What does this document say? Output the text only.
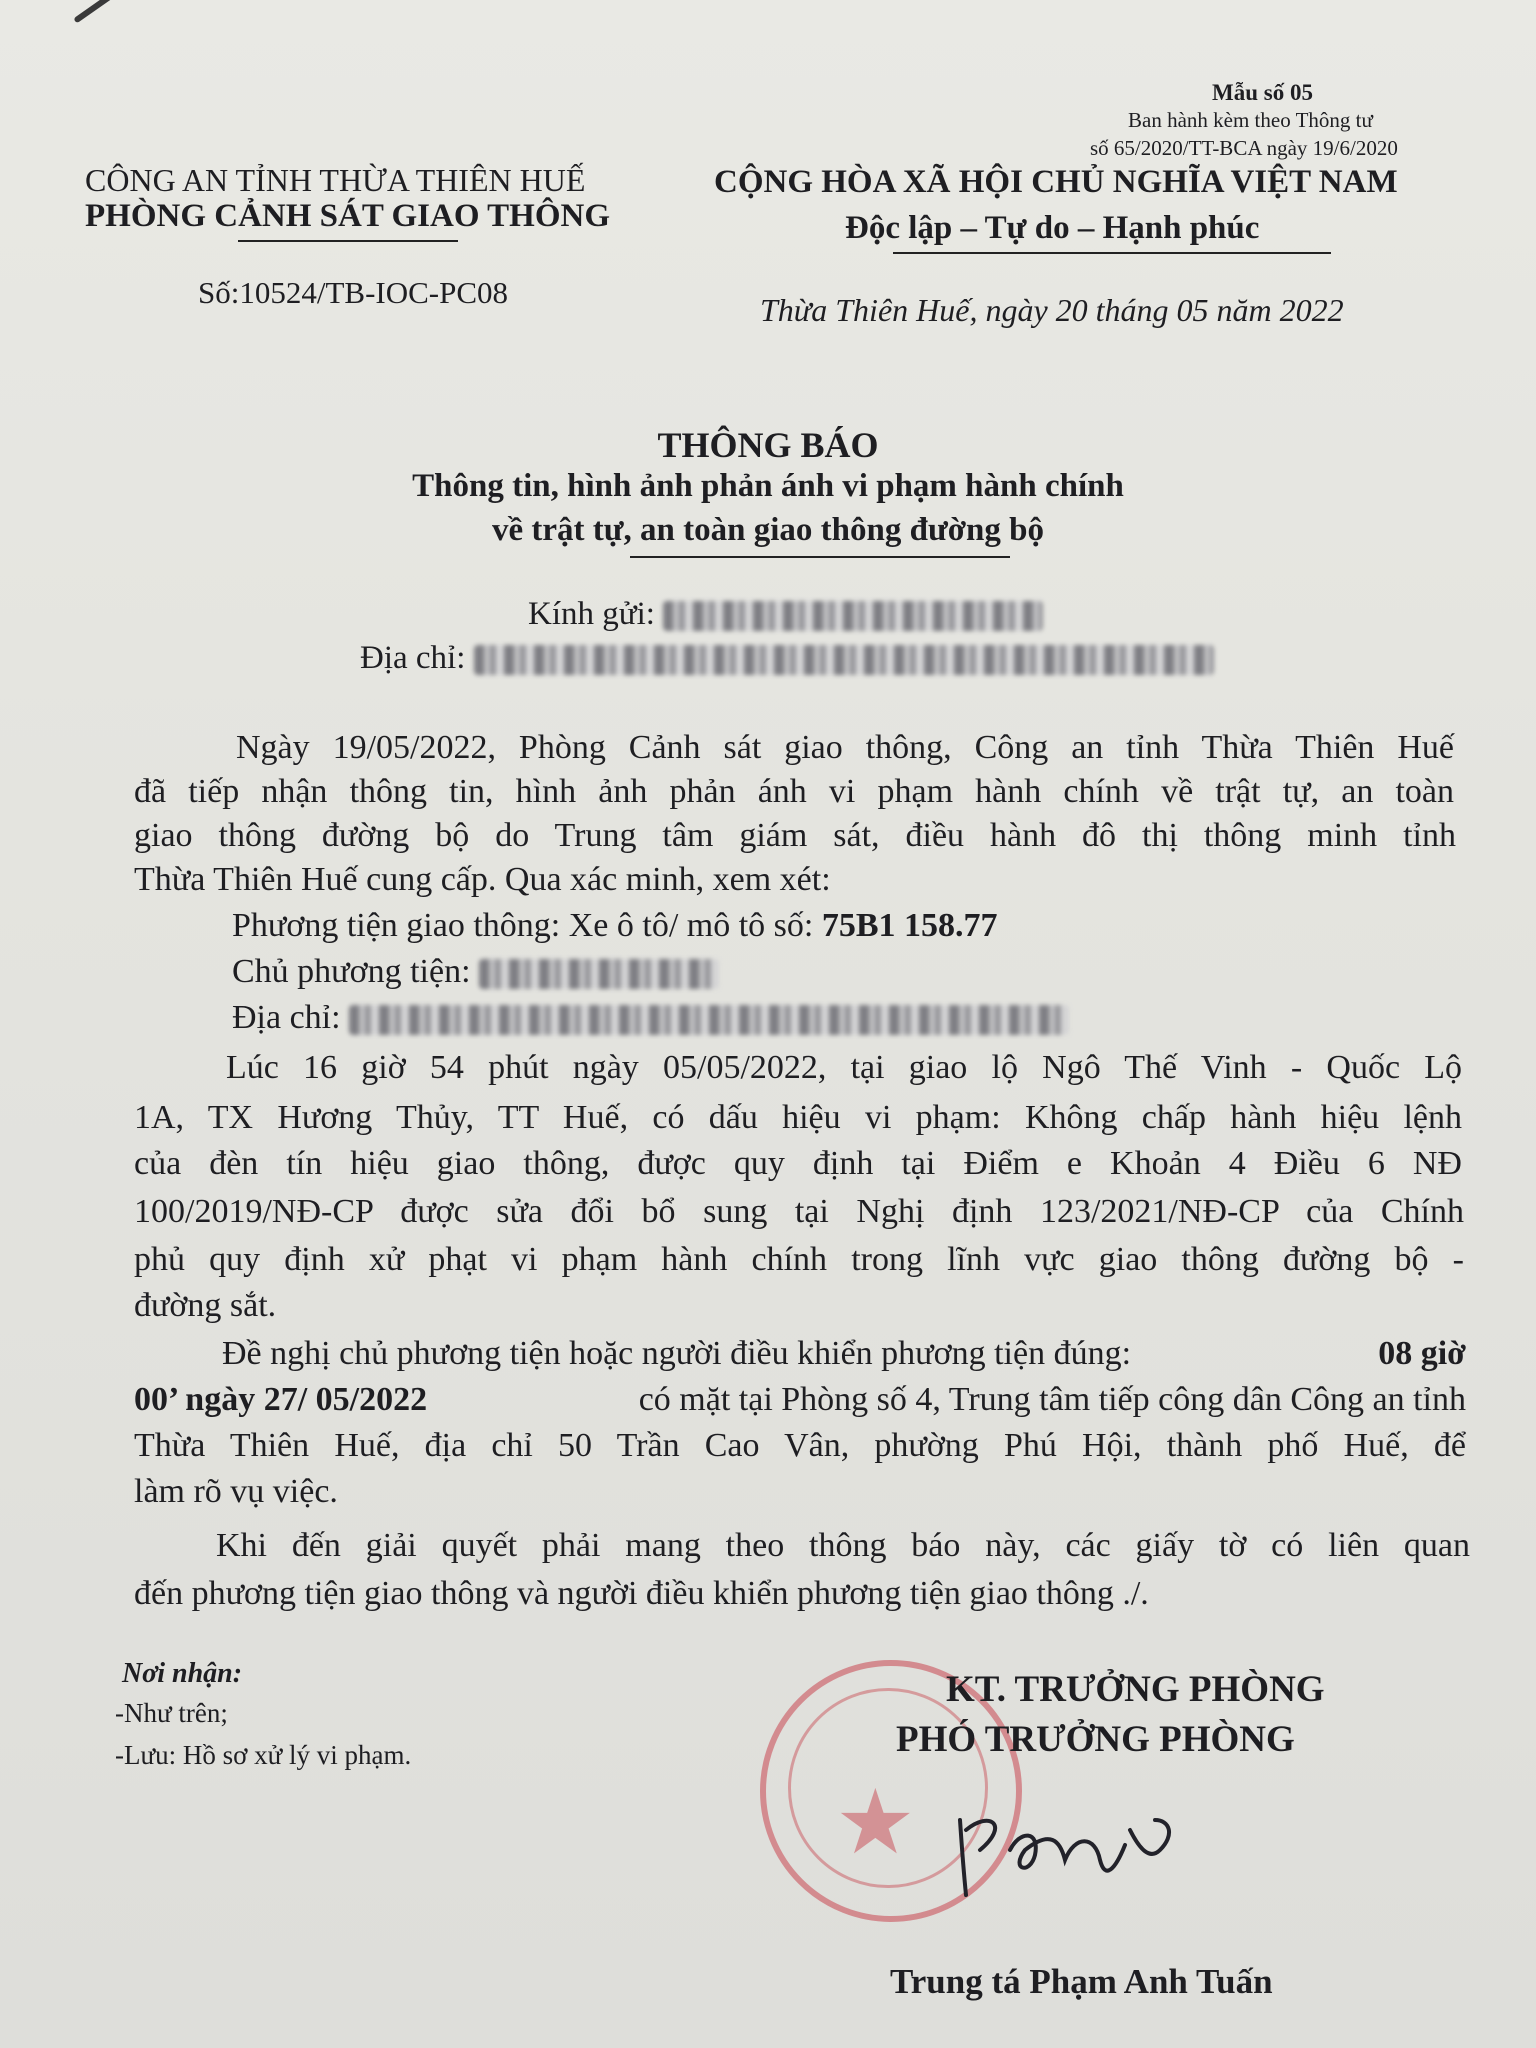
Mẫu số 05
Ban hành kèm theo Thông tư
số 65/2020/TT-BCA ngày 19/6/2020
CÔNG AN TỈNH THỪA THIÊN HUẾ
PHÒNG CẢNH SÁT GIAO THÔNG
Số:10524/TB-IOC-PC08
CỘNG HÒA XÃ HỘI CHỦ NGHĨA VIỆT NAM
Độc lập – Tự do – Hạnh phúc
Thừa Thiên Huế, ngày 20 tháng 05 năm 2022
THÔNG BÁO
Thông tin, hình ảnh phản ánh vi phạm hành chính
về trật tự, an toàn giao thông đường bộ
Kính gửi:
Địa chỉ:
Ngày 19/05/2022, Phòng Cảnh sát giao thông, Công an tỉnh Thừa Thiên Huế
đã tiếp nhận thông tin, hình ảnh phản ánh vi phạm hành chính về trật tự, an toàn
giao thông đường bộ do Trung tâm giám sát, điều hành đô thị thông minh tỉnh
Thừa Thiên Huế cung cấp. Qua xác minh, xem xét:
Phương tiện giao thông: Xe ô tô/ mô tô số: 75B1 158.77
Chủ phương tiện:
Địa chỉ:
Lúc 16 giờ 54 phút ngày 05/05/2022, tại giao lộ Ngô Thế Vinh - Quốc Lộ
1A, TX Hương Thủy, TT Huế, có dấu hiệu vi phạm: Không chấp hành hiệu lệnh
của đèn tín hiệu giao thông, được quy định tại Điểm e Khoản 4 Điều 6 NĐ
100/2019/NĐ-CP được sửa đổi bổ sung tại Nghị định 123/2021/NĐ-CP của Chính
phủ quy định xử phạt vi phạm hành chính trong lĩnh vực giao thông đường bộ -
đường sắt.
Đề nghị chủ phương tiện hoặc người điều khiển phương tiện đúng:	08 giờ
00’ ngày 27/ 05/2022	có mặt tại Phòng số 4, Trung tâm tiếp công dân Công an tỉnh
Thừa Thiên Huế, địa chỉ 50 Trần Cao Vân, phường Phú Hội, thành phố Huế, để
làm rõ vụ việc.
Khi đến giải quyết phải mang theo thông báo này, các giấy tờ có liên quan
đến phương tiện giao thông và người điều khiển phương tiện giao thông ./.
Nơi nhận:
-Như trên;
-Lưu: Hồ sơ xử lý vi phạm.
★
KT. TRƯỞNG PHÒNG
PHÓ TRƯỞNG PHÒNG
Trung tá Phạm Anh Tuấn
